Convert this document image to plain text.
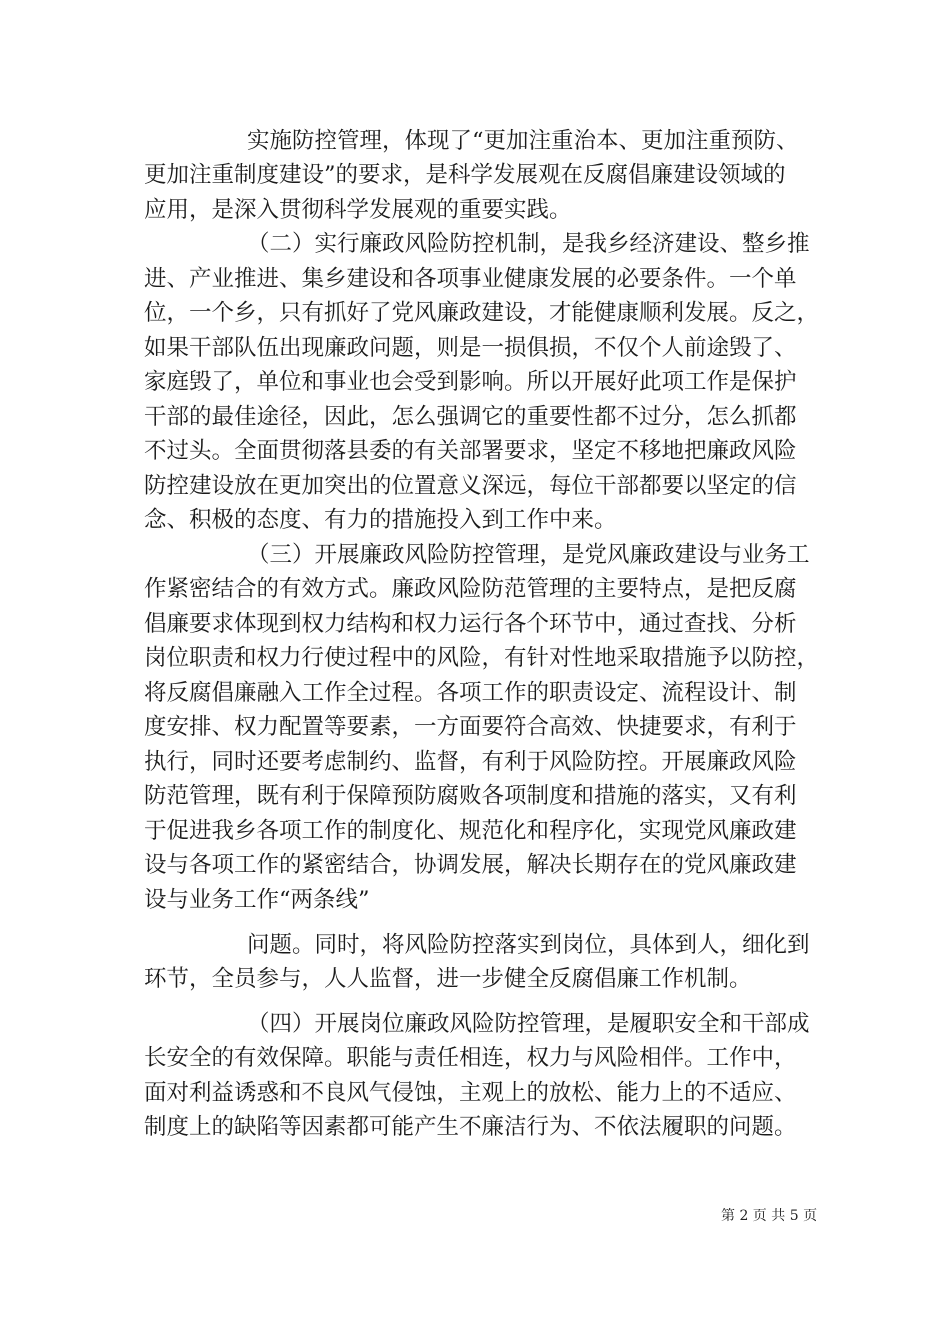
实施防控管理，体现了“更加注重治本、更加注重预防、
更加注重制度建设”的要求，是科学发展观在反腐倡廉建设领域的
应用，是深入贯彻科学发展观的重要实践。
（二）实行廉政风险防控机制，是我乡经济建设、整乡推
进、产业推进、集乡建设和各项事业健康发展的必要条件。一个单
位，一个乡，只有抓好了党风廉政建设，才能健康顺利发展。反之，
如果干部队伍出现廉政问题，则是一损俱损，不仅个人前途毁了、
家庭毁了，单位和事业也会受到影响。所以开展好此项工作是保护
干部的最佳途径，因此，怎么强调它的重要性都不过分，怎么抓都
不过头。全面贯彻落县委的有关部署要求，坚定不移地把廉政风险
防控建设放在更加突出的位置意义深远，每位干部都要以坚定的信
念、积极的态度、有力的措施投入到工作中来。
（三）开展廉政风险防控管理，是党风廉政建设与业务工
作紧密结合的有效方式。廉政风险防范管理的主要特点，是把反腐
倡廉要求体现到权力结构和权力运行各个环节中，通过查找、分析
岗位职责和权力行使过程中的风险，有针对性地采取措施予以防控，
将反腐倡廉融入工作全过程。各项工作的职责设定、流程设计、制
度安排、权力配置等要素，一方面要符合高效、快捷要求，有利于
执行，同时还要考虑制约、监督，有利于风险防控。开展廉政风险
防范管理，既有利于保障预防腐败各项制度和措施的落实，又有利
于促进我乡各项工作的制度化、规范化和程序化，实现党风廉政建
设与各项工作的紧密结合，协调发展，解决长期存在的党风廉政建
设与业务工作“两条线”
问题。同时，将风险防控落实到岗位，具体到人，细化到
环节，全员参与，人人监督，进一步健全反腐倡廉工作机制。
（四）开展岗位廉政风险防控管理，是履职安全和干部成
长安全的有效保障。职能与责任相连，权力与风险相伴。工作中，
面对利益诱惑和不良风气侵蚀，主观上的放松、能力上的不适应、
制度上的缺陷等因素都可能产生不廉洁行为、不依法履职的问题。
第 2 页 共 5 页
